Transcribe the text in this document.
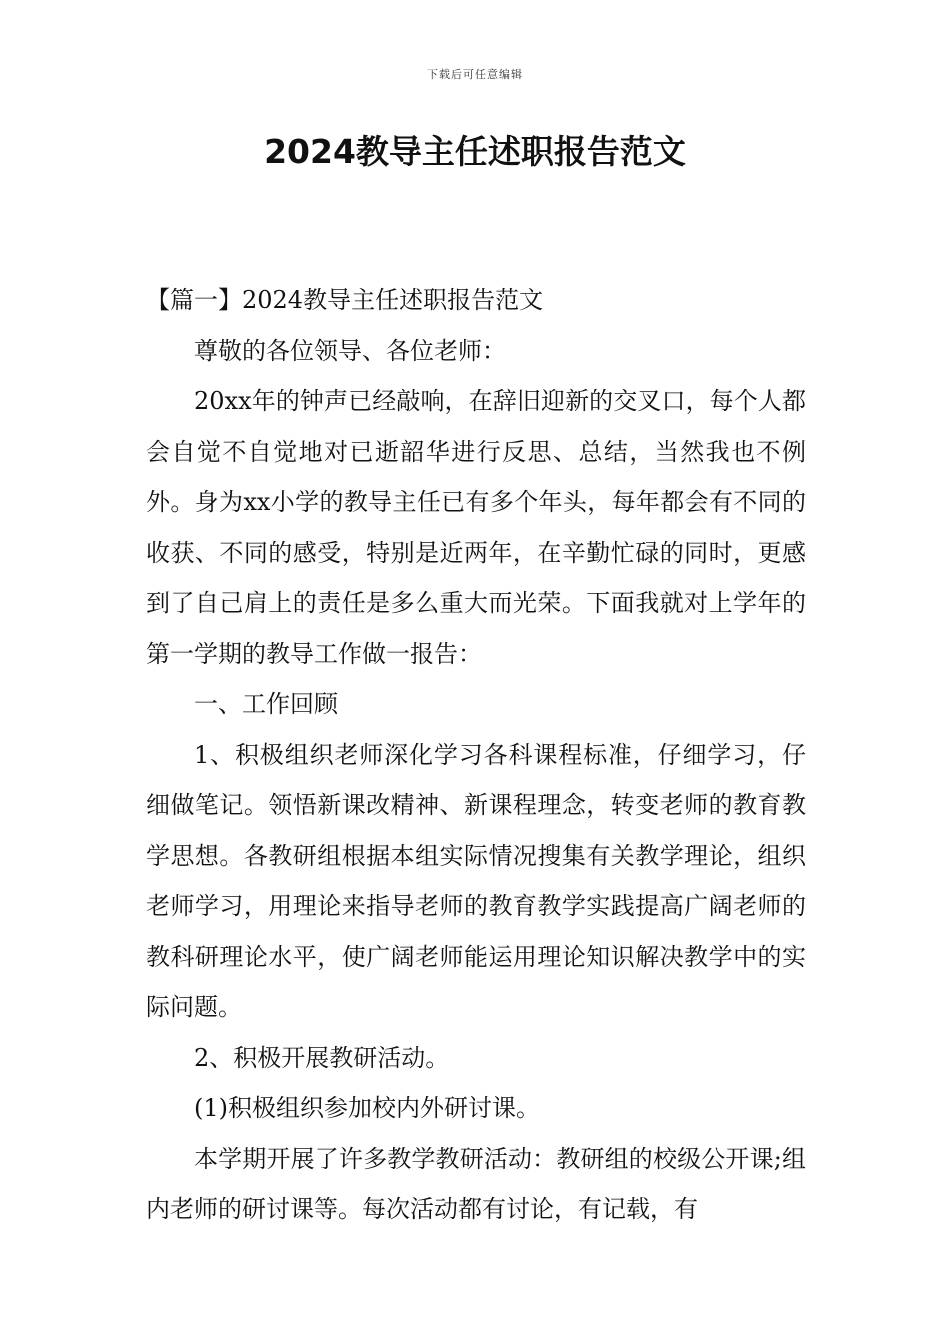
下载后可任意编辑
2024教导主任述职报告范文

【篇一】2024教导主任述职报告范文

尊敬的各位领导、各位老师：

20xx年的钟声已经敲响，在辞旧迎新的交叉口，每个人都会自觉不自觉地对已逝韶华进行反思、总结，当然我也不例外。身为xx小学的教导主任已有多个年头，每年都会有不同的收获、不同的感受，特别是近两年，在辛勤忙碌的同时，更感到了自己肩上的责任是多么重大而光荣。下面我就对上学年的第一学期的教导工作做一报告：

一、工作回顾

1、积极组织老师深化学习各科课程标准，仔细学习，仔细做笔记。领悟新课改精神、新课程理念，转变老师的教育教学思想。各教研组根据本组实际情况搜集有关教学理论，组织老师学习，用理论来指导老师的教育教学实践提高广阔老师的教科研理论水平，使广阔老师能运用理论知识解决教学中的实际问题。

2、积极开展教研活动。

(1)积极组织参加校内外研讨课。

本学期开展了许多教学教研活动：教研组的校级公开课;组内老师的研讨课等。每次活动都有讨论，有记载，有
